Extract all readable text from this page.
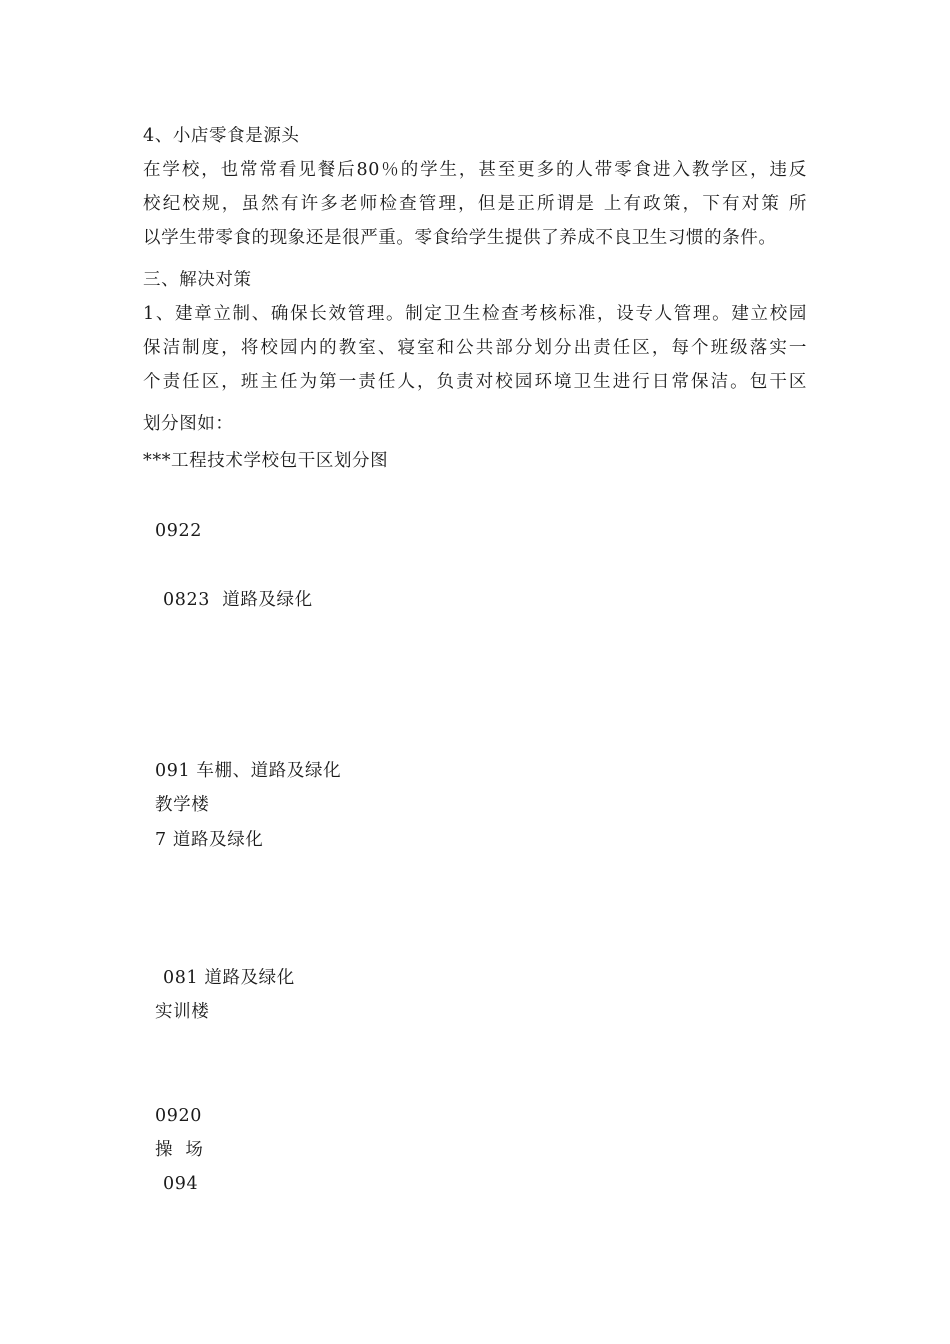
4、小店零食是源头
在学校，也常常看见餐后80％的学生，甚至更多的人带零食进入教学区，违反
校纪校规，虽然有许多老师检查管理，但是正所谓是 上有政策，下有对策 所
以学生带零食的现象还是很严重。零食给学生提供了养成不良卫生习惯的条件。
三、解决对策
1、建章立制、确保长效管理。制定卫生检查考核标准，设专人管理。建立校园
保洁制度，将校园内的教室、寝室和公共部分划分出责任区，每个班级落实一
个责任区，班主任为第一责任人，负责对校园环境卫生进行日常保洁。包干区
划分图如：
***工程技术学校包干区划分图
0922
0823  道路及绿化
091 车棚、道路及绿化
教学楼
7 道路及绿化
081 道路及绿化
实训楼
0920
操  场
094
